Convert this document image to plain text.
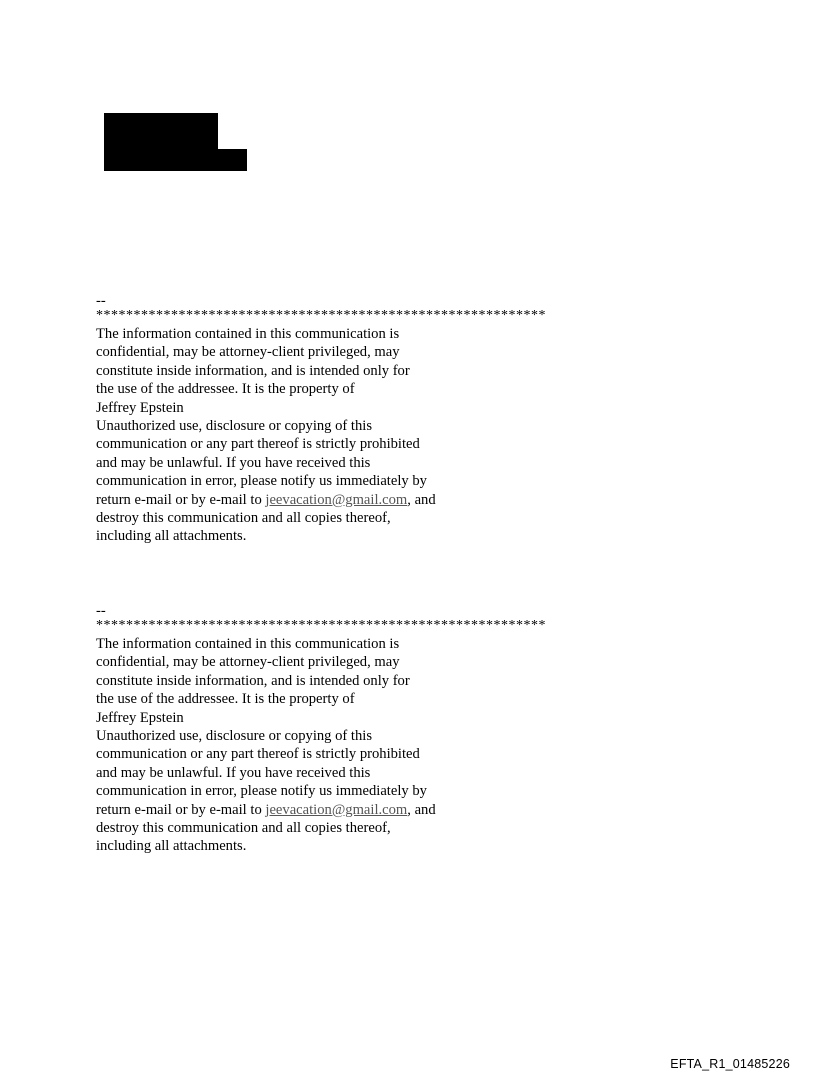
--
************************************************************
The information contained in this communication is
confidential, may be attorney-client privileged, may
constitute inside information, and is intended only for
the use of the addressee. It is the property of
Jeffrey Epstein
Unauthorized use, disclosure or copying of this
communication or any part thereof is strictly prohibited
and may be unlawful. If you have received this
communication in error, please notify us immediately by
return e-mail or by e-mail to jeevacation@gmail.com, and
destroy this communication and all copies thereof,
including all attachments.
--
************************************************************
The information contained in this communication is
confidential, may be attorney-client privileged, may
constitute inside information, and is intended only for
the use of the addressee. It is the property of
Jeffrey Epstein
Unauthorized use, disclosure or copying of this
communication or any part thereof is strictly prohibited
and may be unlawful. If you have received this
communication in error, please notify us immediately by
return e-mail or by e-mail to jeevacation@gmail.com, and
destroy this communication and all copies thereof,
including all attachments.
EFTA_R1_01485226
